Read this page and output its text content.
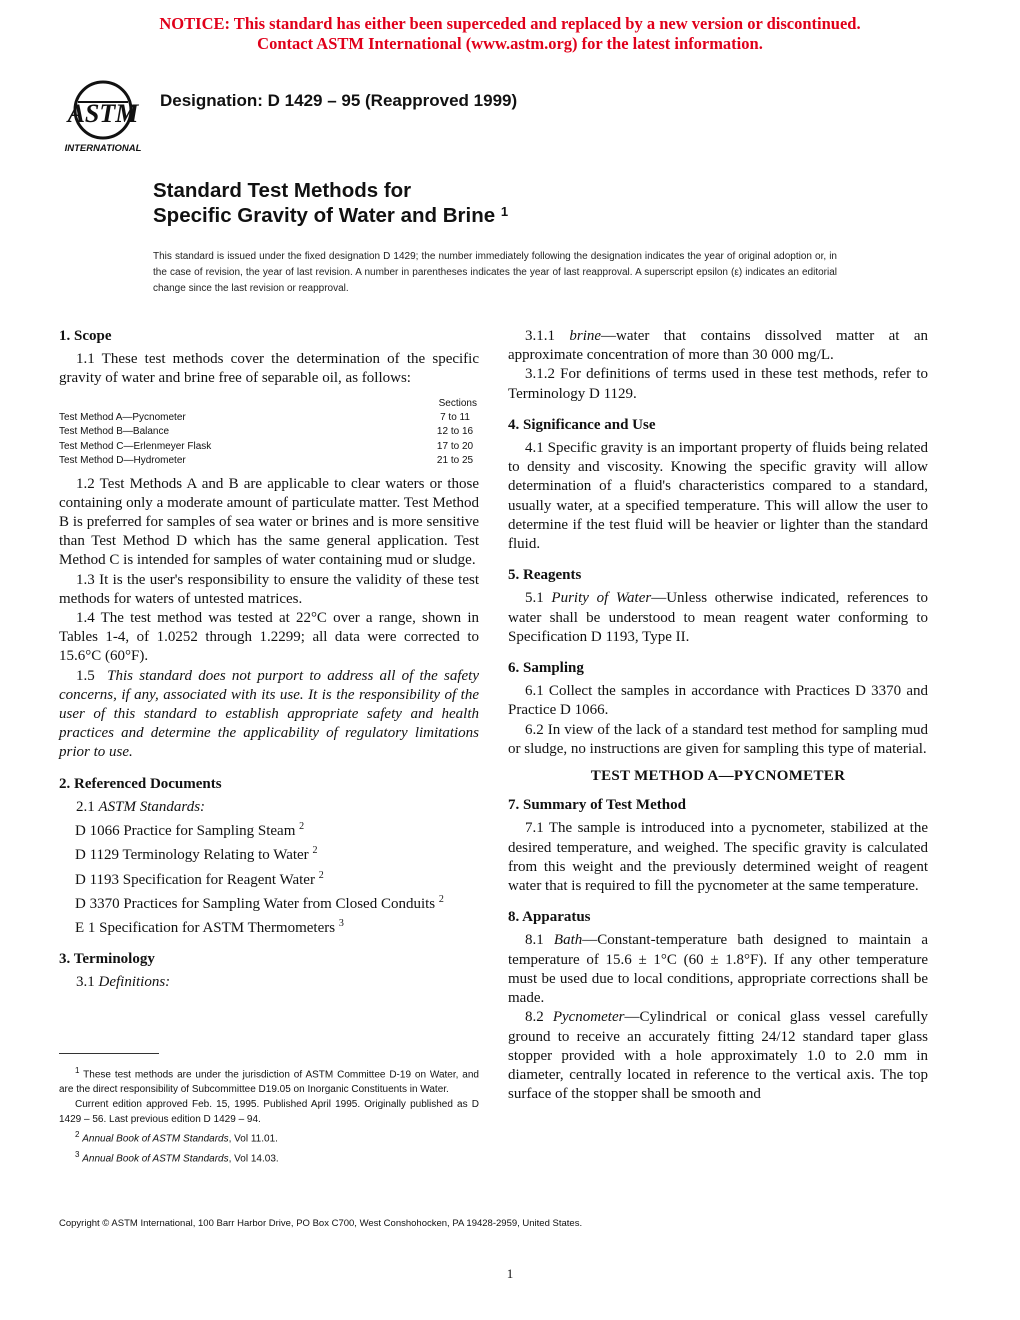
NOTICE: This standard has either been superceded and replaced by a new version or discontinued.
Contact ASTM International (www.astm.org) for the latest information.
ASTM
INTERNATIONAL
Designation: D 1429 – 95 (Reapproved 1999)
Standard Test Methods for
Specific Gravity of Water and Brine $^1$
This standard is issued under the fixed designation D 1429; the number immediately following the designation indicates the year of original adoption or, in the case of revision, the year of last revision. A number in parentheses indicates the year of last reapproval. A superscript epsilon (ε) indicates an editorial change since the last revision or reapproval.
1. Scope

1.1 These test methods cover the determination of the specific gravity of water and brine free of separable oil, as follows:

Sections
Test Method A—Pycnometer	7 to 11
Test Method B—Balance	12 to 16
Test Method C—Erlenmeyer Flask	17 to 20
Test Method D—Hydrometer	21 to 25

1.2 Test Methods A and B are applicable to clear waters or those containing only a moderate amount of particulate matter. Test Method B is preferred for samples of sea water or brines and is more sensitive than Test Method D which has the same general application. Test Method C is intended for samples of water containing mud or sludge.

1.3 It is the user's responsibility to ensure the validity of these test methods for waters of untested matrices.

1.4 The test method was tested at 22°C over a range, shown in Tables 1-4, of 1.0252 through 1.2299; all data were corrected to 15.6°C (60°F).

1.5 This standard does not purport to address all of the safety concerns, if any, associated with its use. It is the responsibility of the user of this standard to establish appropriate safety and health practices and determine the applicability of regulatory limitations prior to use.

2. Referenced Documents

2.1 ASTM Standards:

D 1066 Practice for Sampling Steam $^2$
D 1129 Terminology Relating to Water $^2$
D 1193 Specification for Reagent Water $^2$
D 3370 Practices for Sampling Water from Closed Conduits $^2$
E 1 Specification for ASTM Thermometers $^3$
3. Terminology

3.1 Definitions:

3.1.1 brine—water that contains dissolved matter at an approximate concentration of more than 30 000 mg/L.

3.1.2 For definitions of terms used in these test methods, refer to Terminology D 1129.

4. Significance and Use

4.1 Specific gravity is an important property of fluids being related to density and viscosity. Knowing the specific gravity will allow determination of a fluid's characteristics compared to a standard, usually water, at a specified temperature. This will allow the user to determine if the test fluid will be heavier or lighter than the standard fluid.

5. Reagents

5.1 Purity of Water—Unless otherwise indicated, references to water shall be understood to mean reagent water conforming to Specification D 1193, Type II.

6. Sampling

6.1 Collect the samples in accordance with Practices D 3370 and Practice D 1066.

6.2 In view of the lack of a standard test method for sampling mud or sludge, no instructions are given for sampling this type of material.

TEST METHOD A—PYCNOMETER
7. Summary of Test Method

7.1 The sample is introduced into a pycnometer, stabilized at the desired temperature, and weighed. The specific gravity is calculated from this weight and the previously determined weight of reagent water that is required to fill the pycnometer at the same temperature.

8. Apparatus

8.1 Bath—Constant-temperature bath designed to maintain a temperature of 15.6 ± 1°C (60 ± 1.8°F). If any other temperature must be used due to local conditions, appropriate corrections shall be made.

8.2 Pycnometer—Cylindrical or conical glass vessel carefully ground to receive an accurately fitting 24/12 standard taper glass stopper provided with a hole approximately 1.0 to 2.0 mm in diameter, centrally located in reference to the vertical axis. The top surface of the stopper shall be smooth and

$^1$ These test methods are under the jurisdiction of ASTM Committee D-19 on Water, and are the direct responsibility of Subcommittee D19.05 on Inorganic Constituents in Water.

Current edition approved Feb. 15, 1995. Published April 1995. Originally published as D 1429 – 56. Last previous edition D 1429 – 94.

$^2$ Annual Book of ASTM Standards, Vol 11.01.

$^3$ Annual Book of ASTM Standards, Vol 14.03.

Copyright © ASTM International, 100 Barr Harbor Drive, PO Box C700, West Conshohocken, PA 19428-2959, United States.
1
